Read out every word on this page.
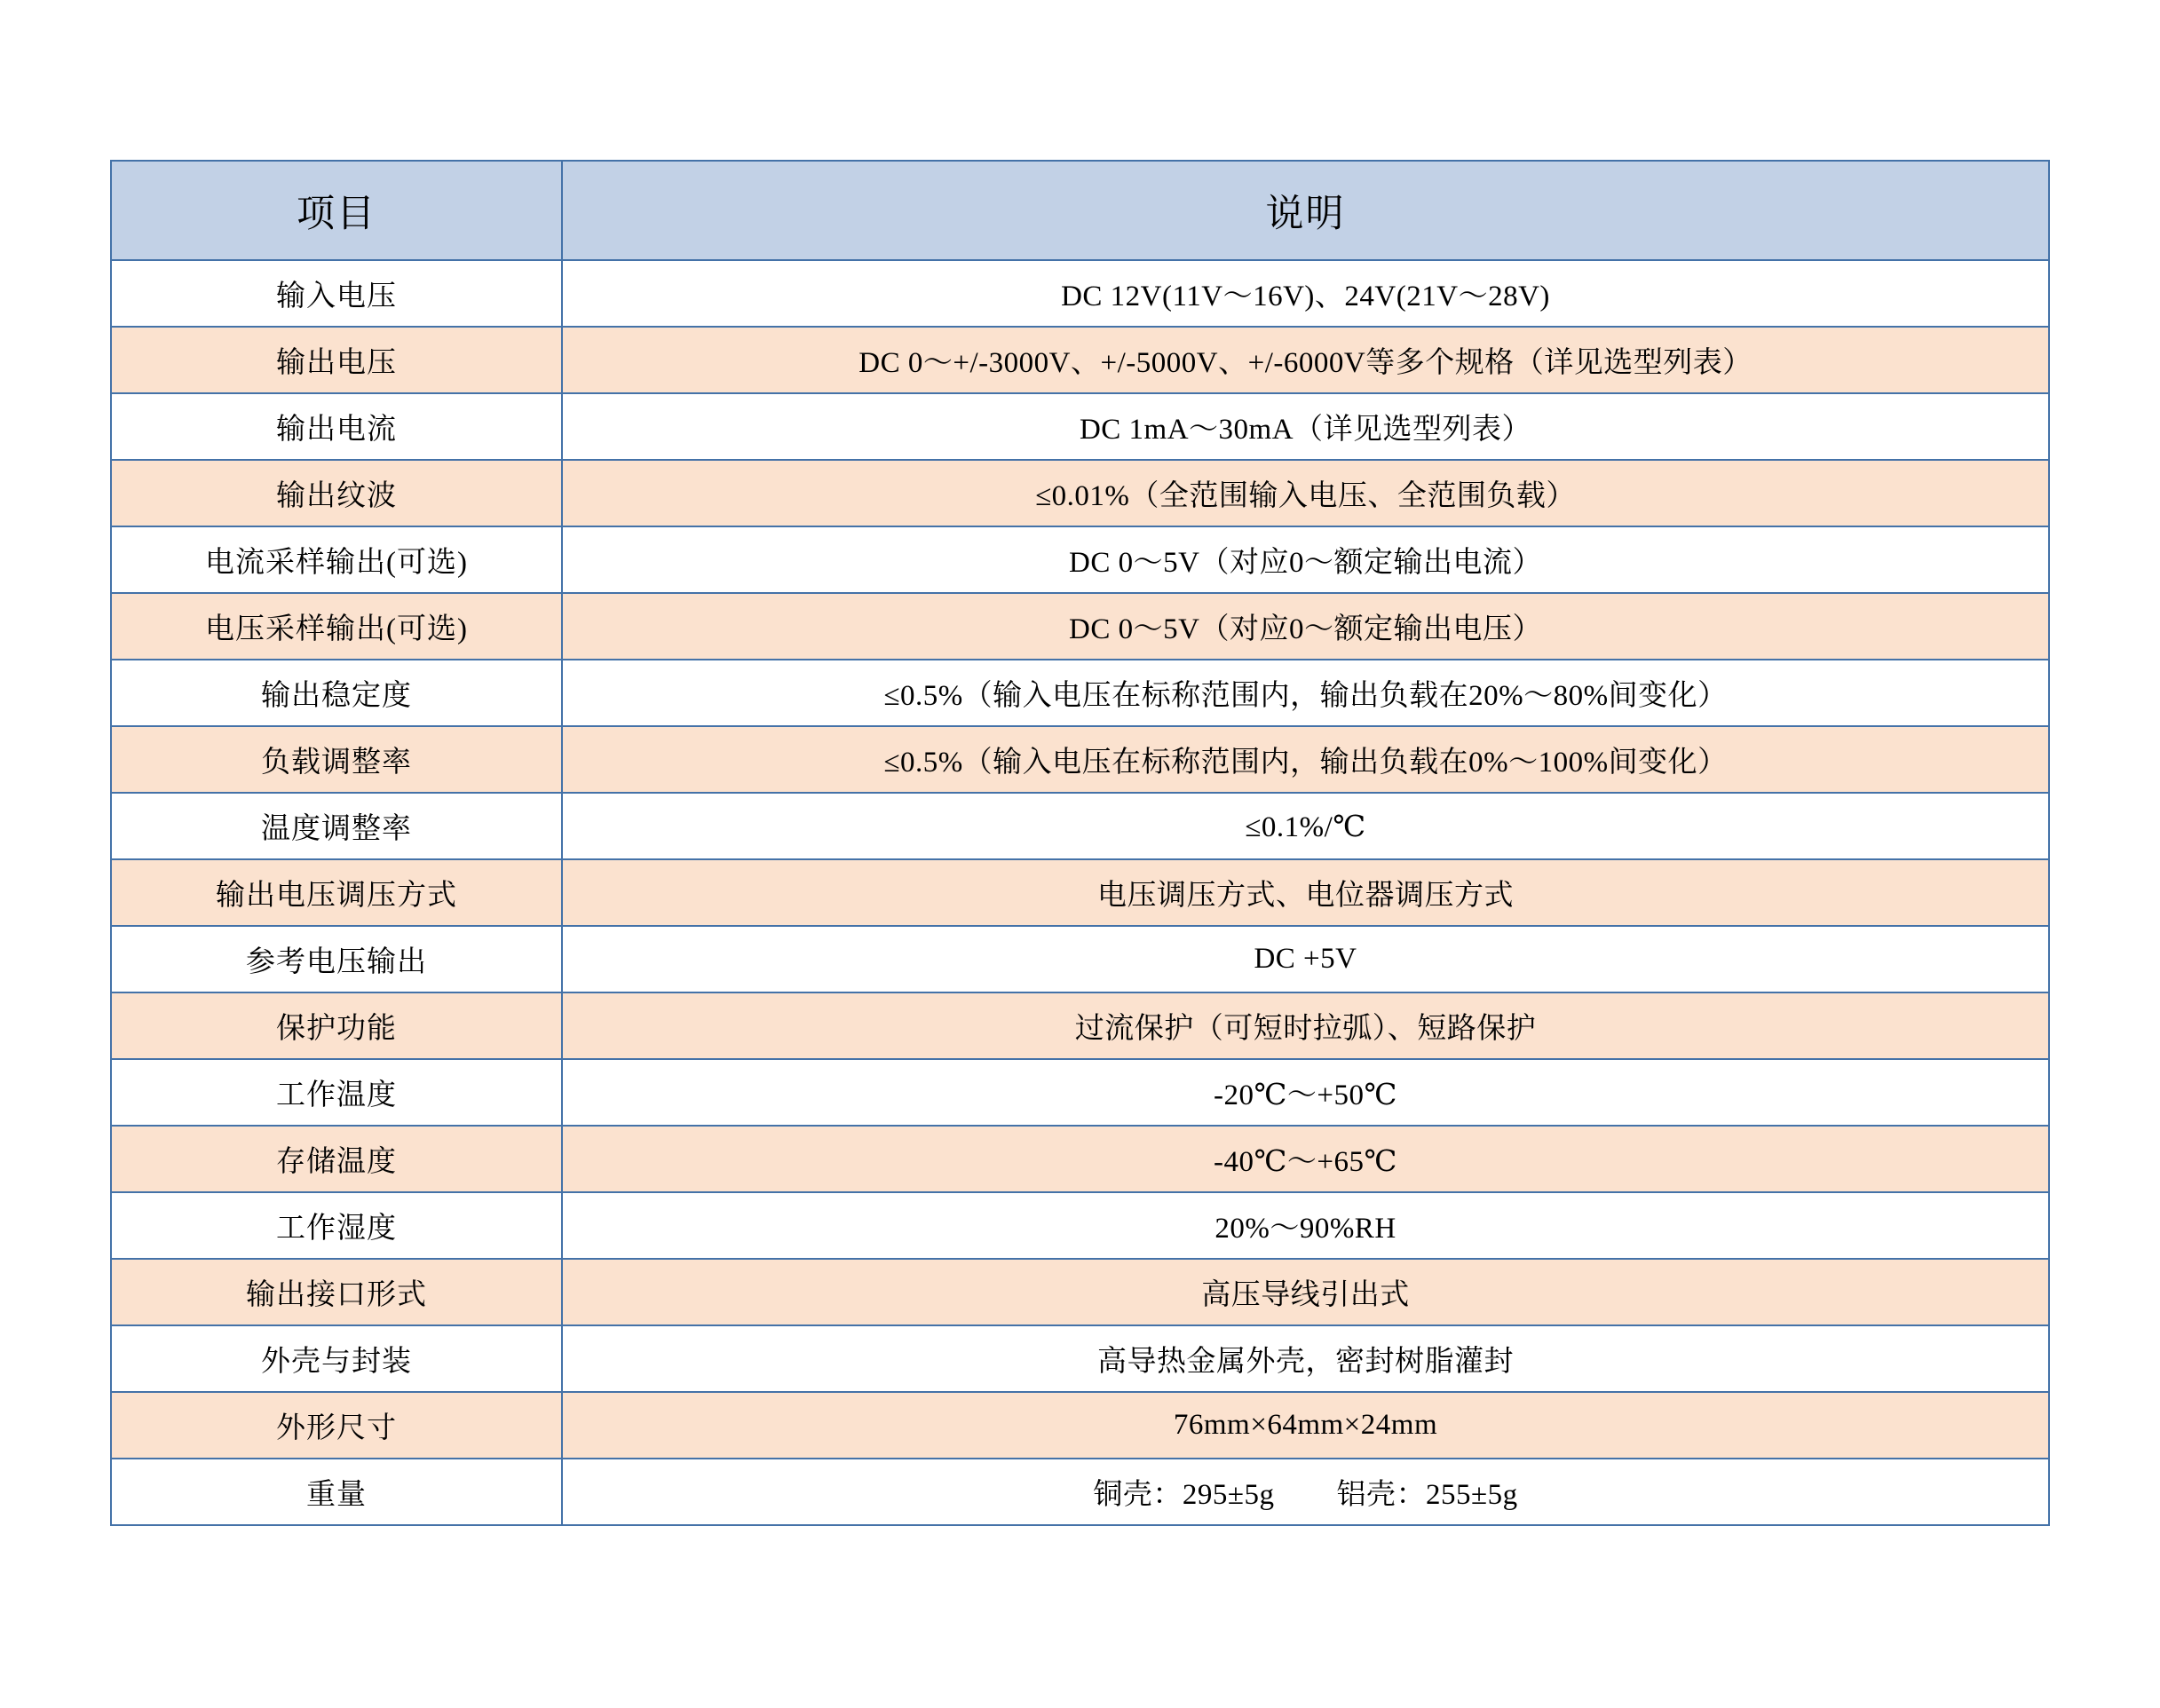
项目	说明
输入电压	DC 12V(11V～16V)、24V(21V～28V)
输出电压	DC 0～+/-3000V、+/-5000V、+/-6000V等多个规格（详见选型列表）
输出电流	DC 1mA～30mA（详见选型列表）
输出纹波	≤0.01%（全范围输入电压、全范围负载）
电流采样输出(可选)	DC 0～5V（对应0～额定输出电流）
电压采样输出(可选)	DC 0～5V（对应0～额定输出电压）
输出稳定度	≤0.5%（输入电压在标称范围内，输出负载在20%～80%间变化）
负载调整率	≤0.5%（输入电压在标称范围内，输出负载在0%～100%间变化）
温度调整率	≤0.1%/℃
输出电压调压方式	电压调压方式、电位器调压方式
参考电压输出	DC +5V
保护功能	过流保护（可短时拉弧）、短路保护
工作温度	-20℃～+50℃
存储温度	-40℃～+65℃
工作湿度	20%～90%RH
输出接口形式	高压导线引出式
外壳与封装	高导热金属外壳，密封树脂灌封
外形尺寸	76mm×64mm×24mm
重量	铜壳：295±5g        铝壳：255±5g
